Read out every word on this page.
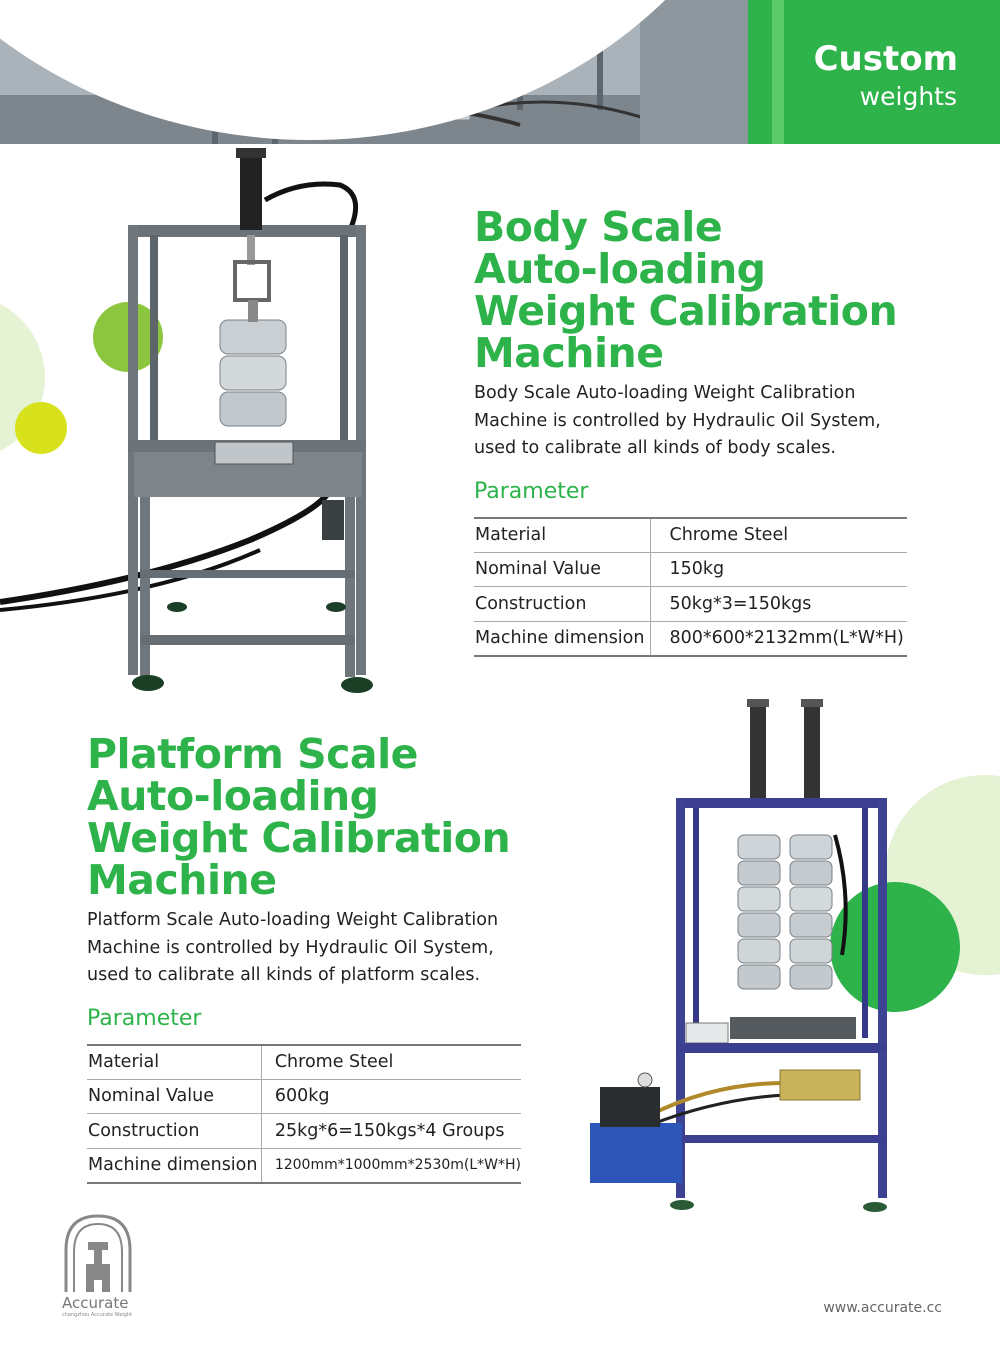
Custom
weights
Body Scale
Auto-loading
Weight Calibration
Machine
Body Scale Auto-loading Weight Calibration Machine is controlled by Hydraulic Oil System, used to calibrate all kinds of body scales.
Parameter
Material	Chrome Steel
Nominal Value	150kg
Construction	50kg*3=150kgs
Machine dimension	800*600*2132mm(L*W*H)
Platform Scale
Auto-loading
Weight Calibration
Machine
Platform Scale Auto-loading Weight Calibration Machine is controlled by Hydraulic Oil System, used to calibrate all kinds of platform scales.
Parameter
Material	Chrome Steel
Nominal Value	600kg
Construction	25kg*6=150kgs*4 Groups
Machine dimension	1200mm*1000mm*2530m(L*W*H)
Accurate
changzhou Accurate Weight	www.accurate.cc
